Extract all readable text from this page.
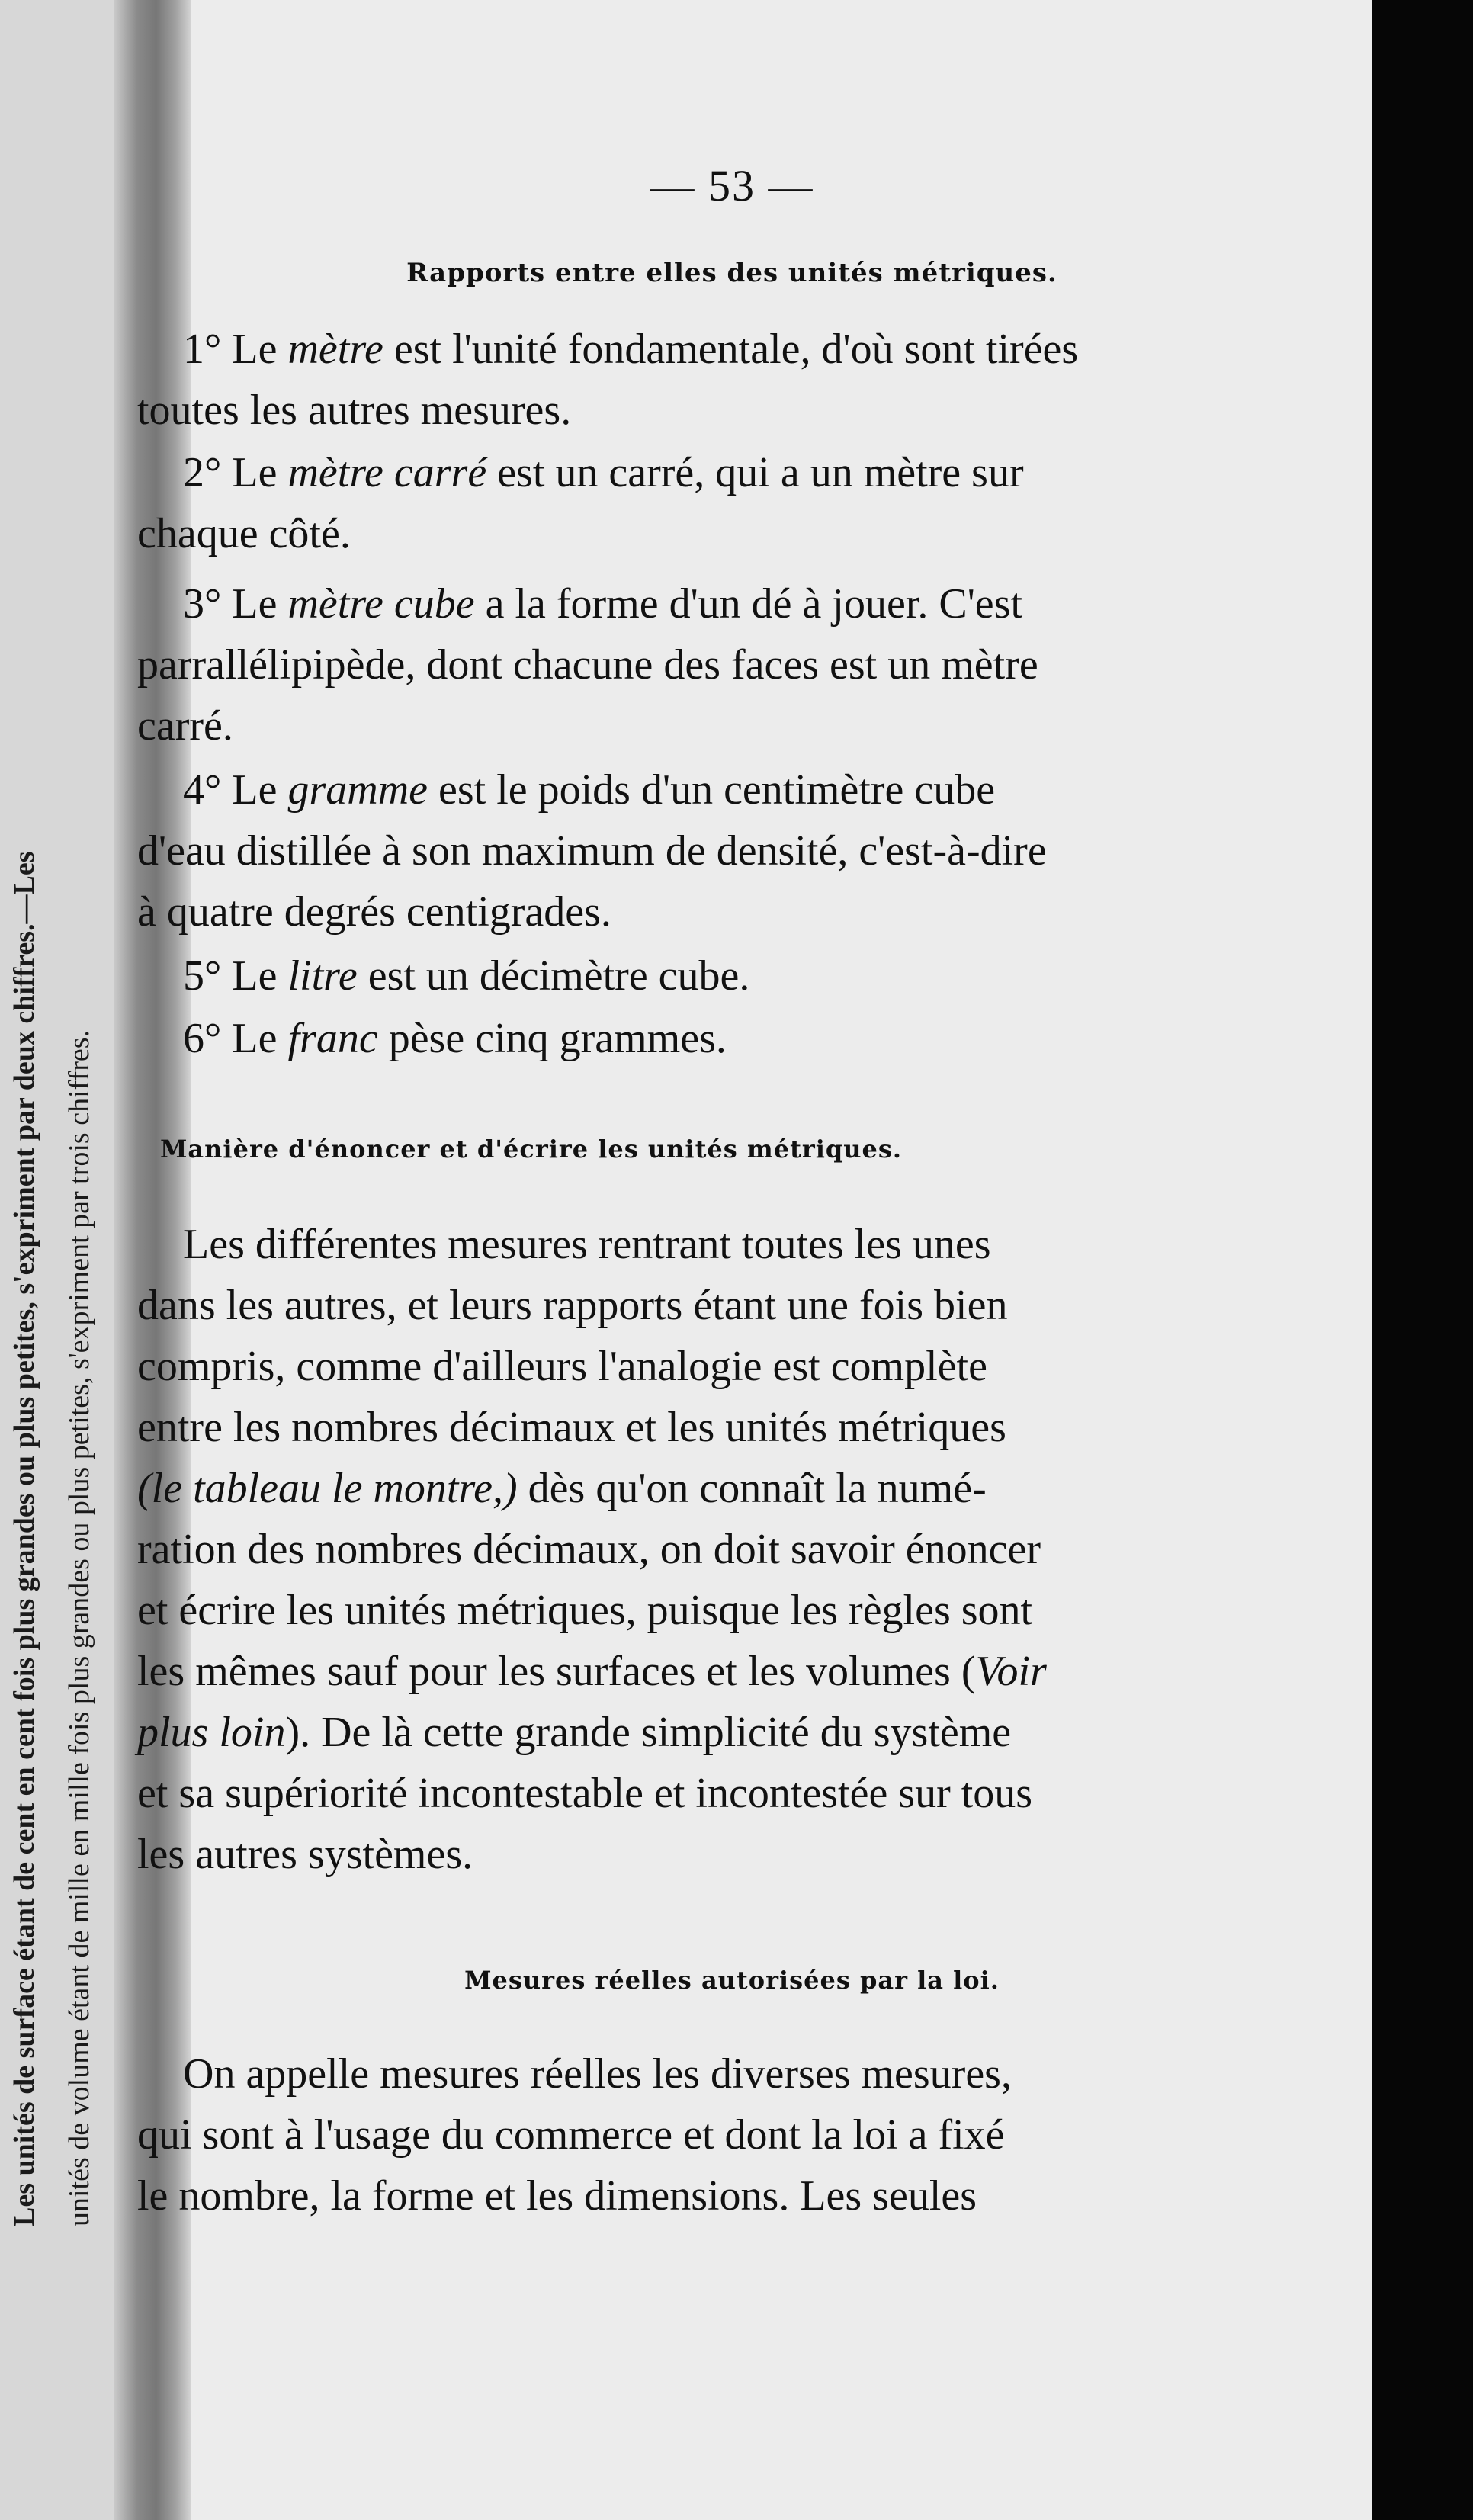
Les unités de surface étant de cent en cent fois plus grandes ou plus petites, s'expriment par deux chiffres.—Les unités de volume étant de mille en mille fois plus grandes ou plus petites, s'expriment par trois chiffres.
— 53 —
Rapports entre elles des unités métriques.
1° Le mètre est l'unité fondamentale, d'où sont tirées
toutes les autres mesures.
2° Le mètre carré est un carré, qui a un mètre sur
chaque côté.
3° Le mètre cube a la forme d'un dé à jouer. C'est
parrallélipipède, dont chacune des faces est un mètre
carré.
4° Le gramme est le poids d'un centimètre cube
d'eau distillée à son maximum de densité, c'est-à-dire
à quatre degrés centigrades.
5° Le litre est un décimètre cube.
6° Le franc pèse cinq grammes.
Manière d'énoncer et d'écrire les unités métriques.
Les différentes mesures rentrant toutes les unes
dans les autres, et leurs rapports étant une fois bien
compris, comme d'ailleurs l'analogie est complète
entre les nombres décimaux et les unités métriques
(le tableau le montre,) dès qu'on connaît la numé-
ration des nombres décimaux, on doit savoir énoncer
et écrire les unités métriques, puisque les règles sont
les mêmes sauf pour les surfaces et les volumes (Voir
plus loin). De là cette grande simplicité du système
et sa supériorité incontestable et incontestée sur tous
les autres systèmes.
Mesures réelles autorisées par la loi.
On appelle mesures réelles les diverses mesures,
qui sont à l'usage du commerce et dont la loi a fixé
le nombre, la forme et les dimensions. Les seules
